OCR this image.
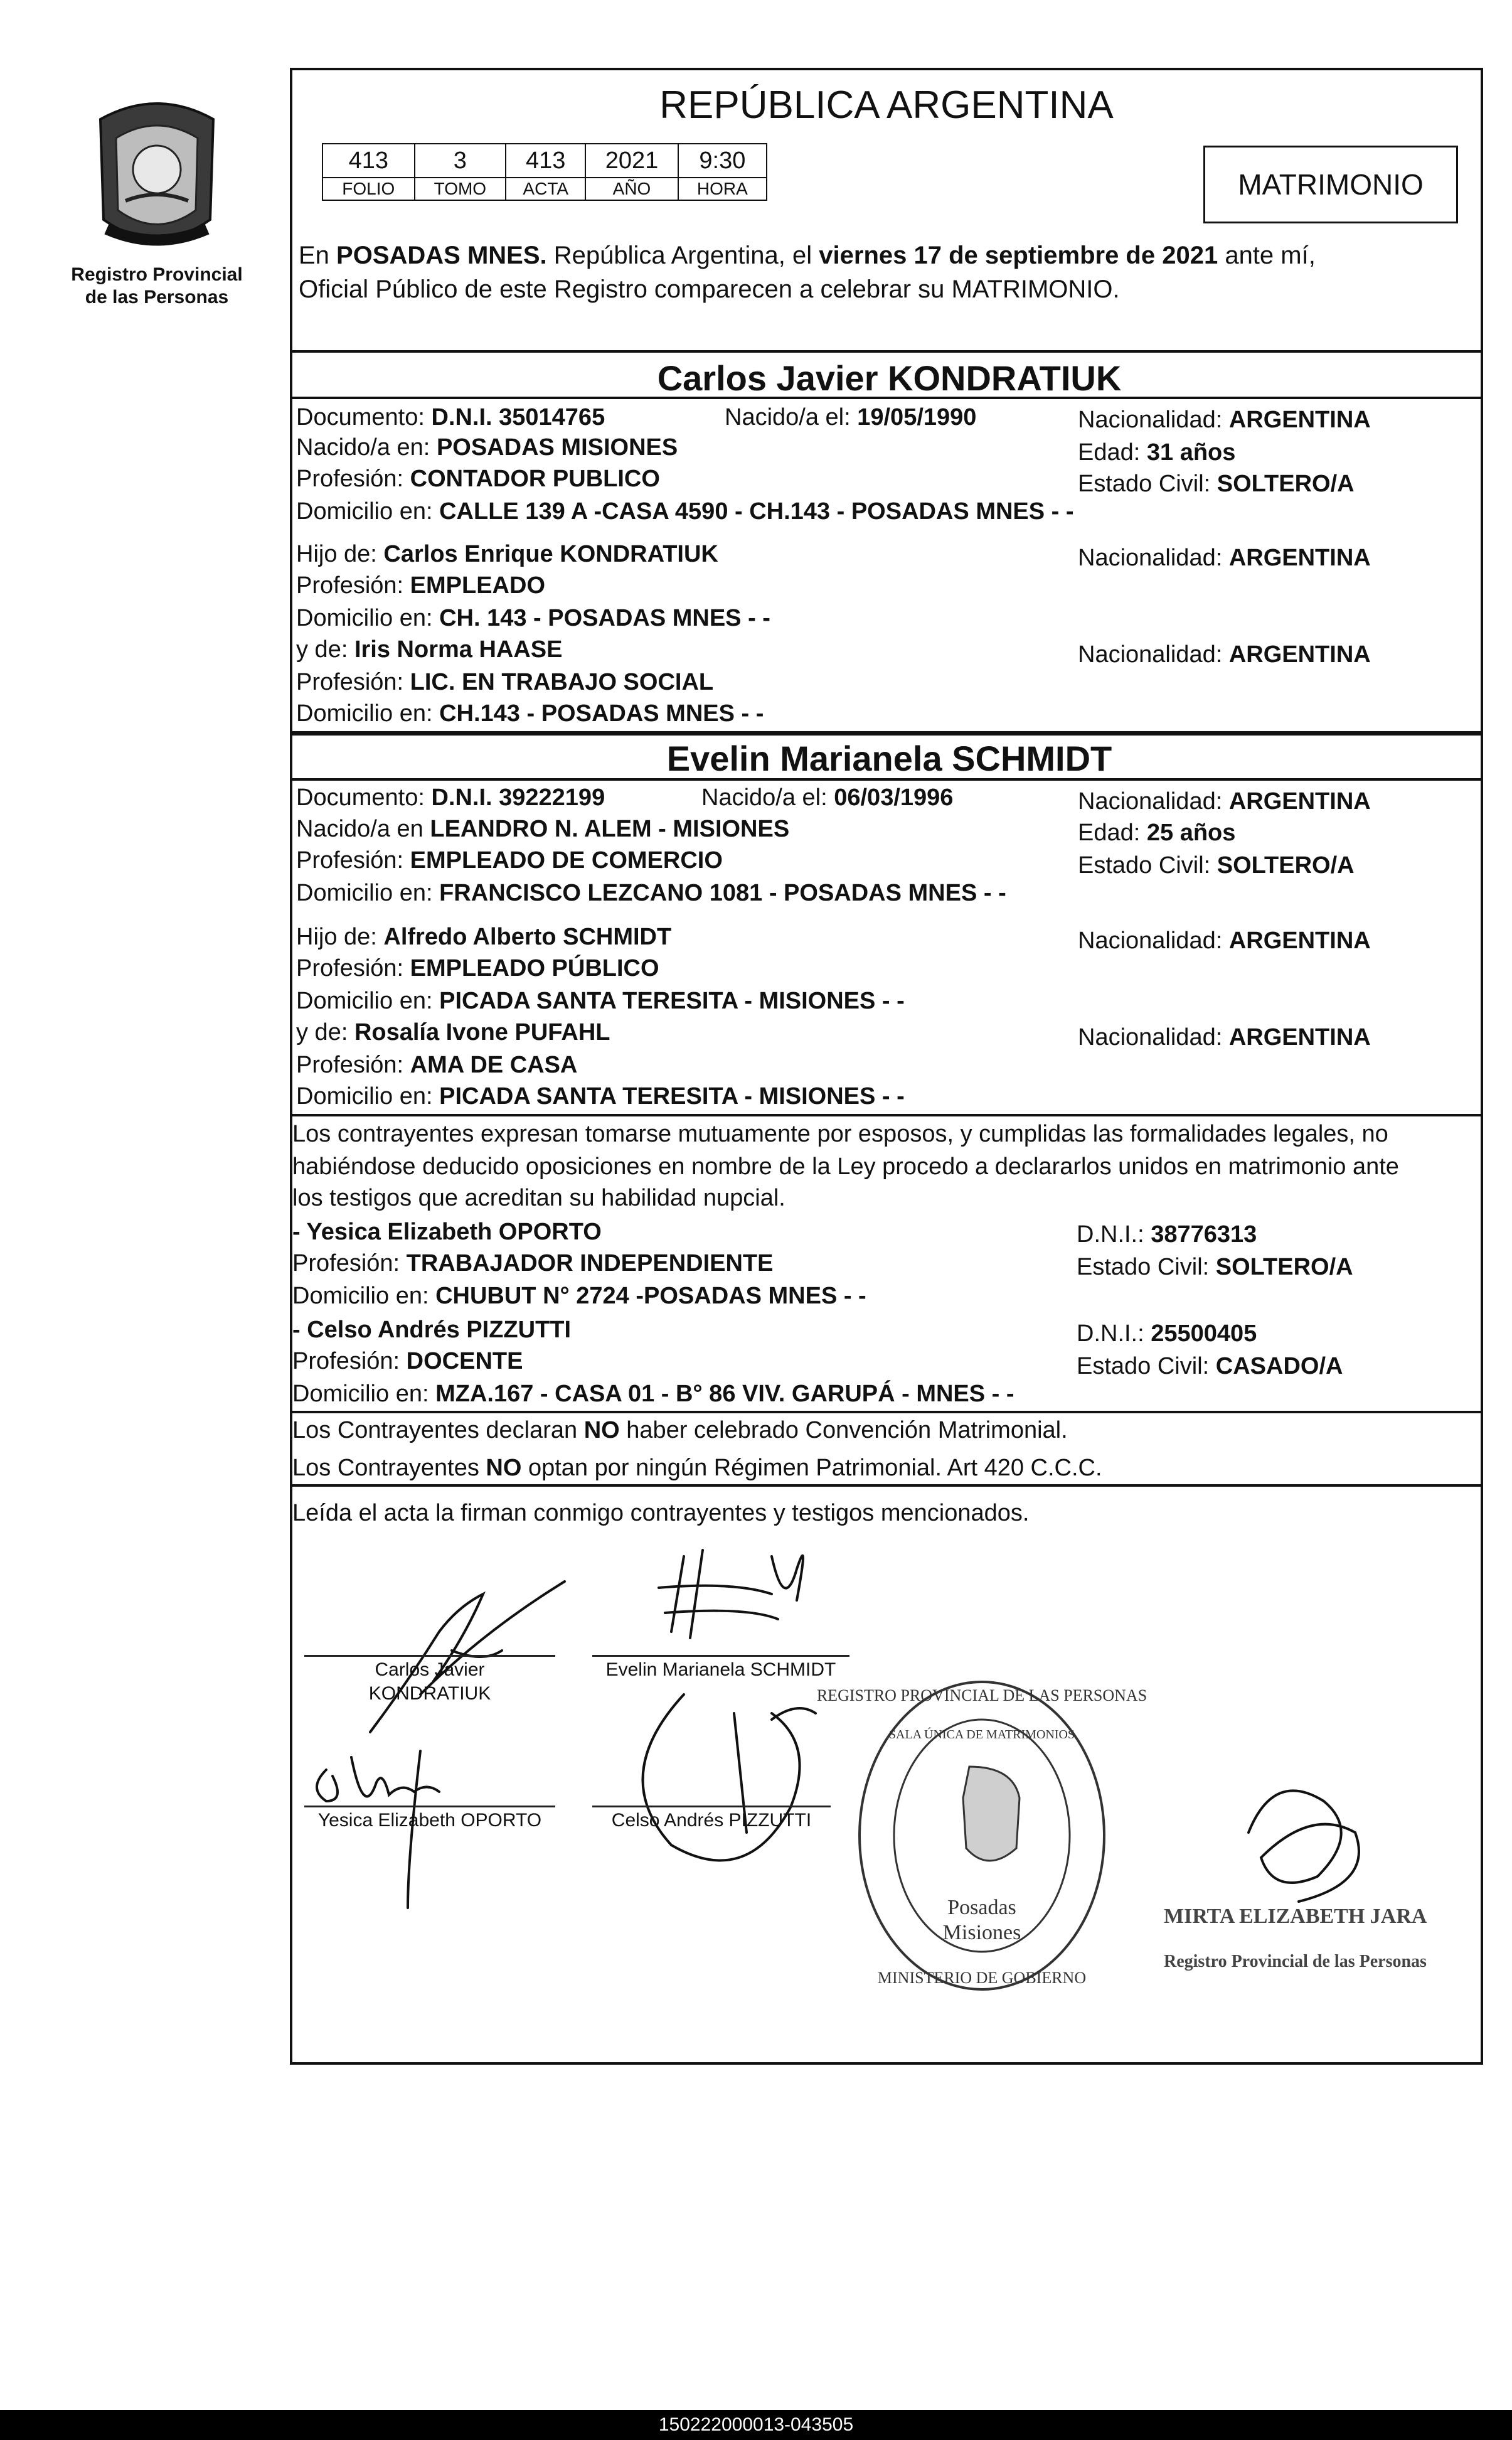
Registro Provincial
de las Personas
REPÚBLICA ARGENTINA
413	3	413	2021	9:30
FOLIO	TOMO	ACTA	AÑO	HORA	MATRIMONIO
En POSADAS MNES. República Argentina, el viernes 17 de septiembre de 2021 ante mí,
Oficial Público de este Registro comparecen a celebrar su MATRIMONIO.
Carlos Javier KONDRATIUK
Documento: D.N.I. 35014765	Nacido/a el: 19/05/1990	Nacionalidad: ARGENTINA
Nacido/a en: POSADAS MISIONES	Edad: 31 años
Profesión: CONTADOR PUBLICO	Estado Civil: SOLTERO/A
Domicilio en: CALLE 139 A -CASA 4590 - CH.143 - POSADAS MNES - -
Hijo de: Carlos Enrique KONDRATIUK	Nacionalidad: ARGENTINA
Profesión: EMPLEADO
Domicilio en: CH. 143 - POSADAS MNES - -
y de: Iris Norma HAASE	Nacionalidad: ARGENTINA
Profesión: LIC. EN TRABAJO SOCIAL
Domicilio en: CH.143 - POSADAS MNES - -
Evelin Marianela SCHMIDT
Documento: D.N.I. 39222199	Nacido/a el: 06/03/1996	Nacionalidad: ARGENTINA
Nacido/a en LEANDRO N. ALEM - MISIONES	Edad: 25 años
Profesión: EMPLEADO DE COMERCIO	Estado Civil: SOLTERO/A
Domicilio en: FRANCISCO LEZCANO 1081 - POSADAS MNES - -
Hijo de: Alfredo Alberto SCHMIDT	Nacionalidad: ARGENTINA
Profesión: EMPLEADO PÚBLICO
Domicilio en: PICADA SANTA TERESITA - MISIONES - -
y de: Rosalía Ivone PUFAHL	Nacionalidad: ARGENTINA
Profesión: AMA DE CASA
Domicilio en: PICADA SANTA TERESITA - MISIONES - -
Los contrayentes expresan tomarse mutuamente por esposos, y cumplidas las formalidades legales, no
habiéndose deducido oposiciones en nombre de la Ley procedo a declararlos unidos en matrimonio ante
los testigos que acreditan su habilidad nupcial.
- Yesica Elizabeth OPORTO	D.N.I.: 38776313
Profesión: TRABAJADOR INDEPENDIENTE	Estado Civil: SOLTERO/A
Domicilio en: CHUBUT N° 2724 -POSADAS MNES - -
- Celso Andrés PIZZUTTI	D.N.I.: 25500405
Profesión: DOCENTE	Estado Civil: CASADO/A
Domicilio en: MZA.167 - CASA 01 - B° 86 VIV. GARUPÁ - MNES - -
Los Contrayentes declaran NO haber celebrado Convención Matrimonial.
Los Contrayentes NO optan por ningún Régimen Patrimonial. Art 420 C.C.C.
Leída el acta la firman conmigo contrayentes y testigos mencionados.
Carlos Javier
KONDRATIUK
Evelin Marianela SCHMIDT
Yesica Elizabeth OPORTO	Celso Andrés PIZZUTTI
Posadas
Misiones
REGISTRO PROVINCIAL DE LAS PERSONAS
SALA ÚNICA DE MATRIMONIOS
MINISTERIO DE GOBIERNO
MIRTA ELIZABETH JARA
Registro Provincial de las Personas
150222000013-043505
